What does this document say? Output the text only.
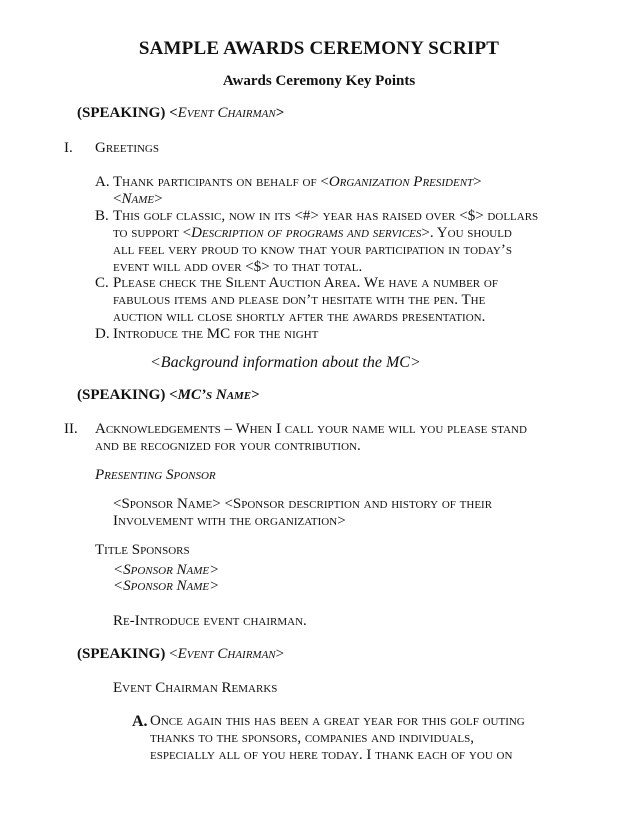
SAMPLE AWARDS CEREMONY SCRIPT
Awards Ceremony Key Points
(SPEAKING) <Event Chairman>
I. Greetings
A. Thank participants on behalf of <Organization President>
<Name>
B. This golf classic, now in its <#> year has raised over <$> dollars
to support <Description of programs and services>. You should
all feel very proud to know that your participation in today’s
event will add over <$> to that total.
C. Please check the Silent Auction Area. We have a number of
fabulous items and please don’t hesitate with the pen. The
auction will close shortly after the awards presentation.
D. Introduce the MC for the night
<Background information about the MC>
(SPEAKING) <MC’s Name>
II. Acknowledgements – When I call your name will you please stand
and be recognized for your contribution.
Presenting Sponsor
<Sponsor Name> <Sponsor description and history of their
Involvement with the organization>
Title Sponsors
<Sponsor Name>
<Sponsor Name>
Re-Introduce event chairman.
(SPEAKING) <Event Chairman>
Event Chairman Remarks
A. Once again this has been a great year for this golf outing
thanks to the sponsors, companies and individuals,
especially all of you here today. I thank each of you on
